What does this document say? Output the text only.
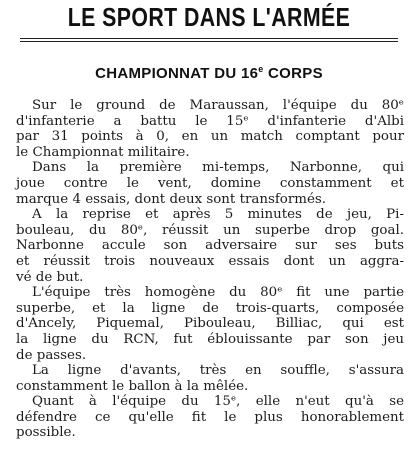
LE SPORT DANS L'ARMÉE
CHAMPIONNAT DU 16e CORPS
Sur le ground de Maraussan, l'équipe du 80ᵉ
d'infanterie a battu le 15ᵉ d'infanterie d'Albi
par 31 points à 0, en un match comptant pour
le Championnat militaire.
Dans la première mi-temps, Narbonne, qui
joue contre le vent, domine constamment et
marque 4 essais, dont deux sont transformés.
A la reprise et après 5 minutes de jeu, Pi-
bouleau, du 80ᵉ, réussit un superbe drop goal.
Narbonne accule son adversaire sur ses buts
et réussit trois nouveaux essais dont un aggra-
vé de but.
L'équipe très homogène du 80ᵉ fit une partie
superbe, et la ligne de trois-quarts, composée
d'Ancely, Piquemal, Pibouleau, Billiac, qui est
la ligne du RCN, fut éblouissante par son jeu
de passes.
La ligne d'avants, très en souffle, s'assura
constamment le ballon à la mêlée.
Quant à l'équipe du 15ᵉ, elle n'eut qu'à se
défendre ce qu'elle fit le plus honorablement
possible.
